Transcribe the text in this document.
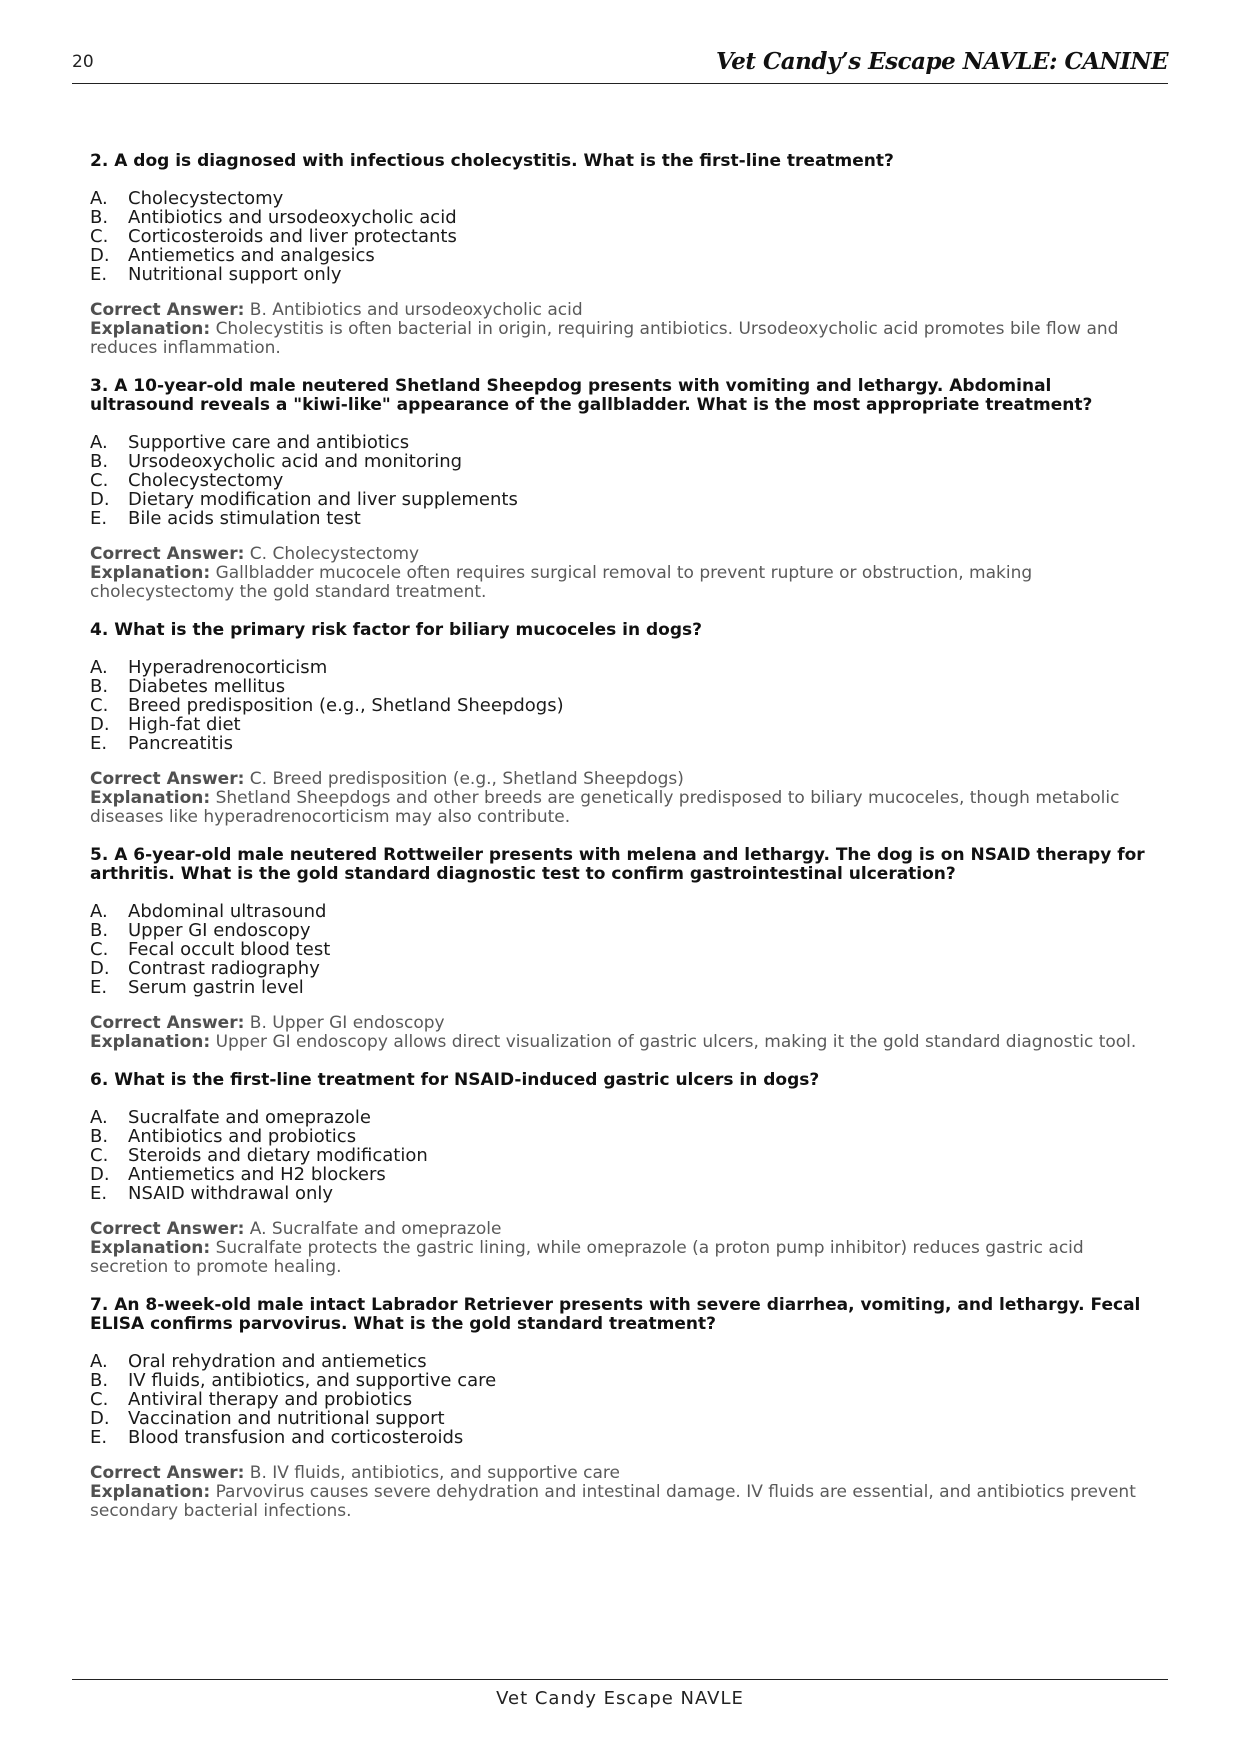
20	Vet Candy’s Escape NAVLE: CANINE
2. A dog is diagnosed with infectious cholecystitis. What is the first-line treatment?
A.	Cholecystectomy
B.	Antibiotics and ursodeoxycholic acid
C.	Corticosteroids and liver protectants
D.	Antiemetics and analgesics
E.	Nutritional support only
Correct Answer: B. Antibiotics and ursodeoxycholic acid
Explanation: Cholecystitis is often bacterial in origin, requiring antibiotics. Ursodeoxycholic acid promotes bile flow and reduces inflammation.
3. A 10-year-old male neutered Shetland Sheepdog presents with vomiting and lethargy. Abdominal ultrasound reveals a "kiwi-like" appearance of the gallbladder. What is the most appropriate treatment?
A.	Supportive care and antibiotics
B.	Ursodeoxycholic acid and monitoring
C.	Cholecystectomy
D.	Dietary modification and liver supplements
E.	Bile acids stimulation test
Correct Answer: C. Cholecystectomy
Explanation: Gallbladder mucocele often requires surgical removal to prevent rupture or obstruction, making cholecystectomy the gold standard treatment.
4. What is the primary risk factor for biliary mucoceles in dogs?
A.	Hyperadrenocorticism
B.	Diabetes mellitus
C.	Breed predisposition (e.g., Shetland Sheepdogs)
D.	High-fat diet
E.	Pancreatitis
Correct Answer: C. Breed predisposition (e.g., Shetland Sheepdogs)
Explanation: Shetland Sheepdogs and other breeds are genetically predisposed to biliary mucoceles, though metabolic diseases like hyperadrenocorticism may also contribute.
5. A 6-year-old male neutered Rottweiler presents with melena and lethargy. The dog is on NSAID therapy for arthritis. What is the gold standard diagnostic test to confirm gastrointestinal ulceration?
A.	Abdominal ultrasound
B.	Upper GI endoscopy
C.	Fecal occult blood test
D.	Contrast radiography
E.	Serum gastrin level
Correct Answer: B. Upper GI endoscopy
Explanation: Upper GI endoscopy allows direct visualization of gastric ulcers, making it the gold standard diagnostic tool.
6. What is the first-line treatment for NSAID-induced gastric ulcers in dogs?
A.	Sucralfate and omeprazole
B.	Antibiotics and probiotics
C.	Steroids and dietary modification
D.	Antiemetics and H2 blockers
E.	NSAID withdrawal only
Correct Answer: A. Sucralfate and omeprazole
Explanation: Sucralfate protects the gastric lining, while omeprazole (a proton pump inhibitor) reduces gastric acid secretion to promote healing.
7. An 8-week-old male intact Labrador Retriever presents with severe diarrhea, vomiting, and lethargy. Fecal ELISA confirms parvovirus. What is the gold standard treatment?
A.	Oral rehydration and antiemetics
B.	IV fluids, antibiotics, and supportive care
C.	Antiviral therapy and probiotics
D.	Vaccination and nutritional support
E.	Blood transfusion and corticosteroids
Correct Answer: B. IV fluids, antibiotics, and supportive care
Explanation: Parvovirus causes severe dehydration and intestinal damage. IV fluids are essential, and antibiotics prevent secondary bacterial infections.
Vet Candy Escape NAVLE
